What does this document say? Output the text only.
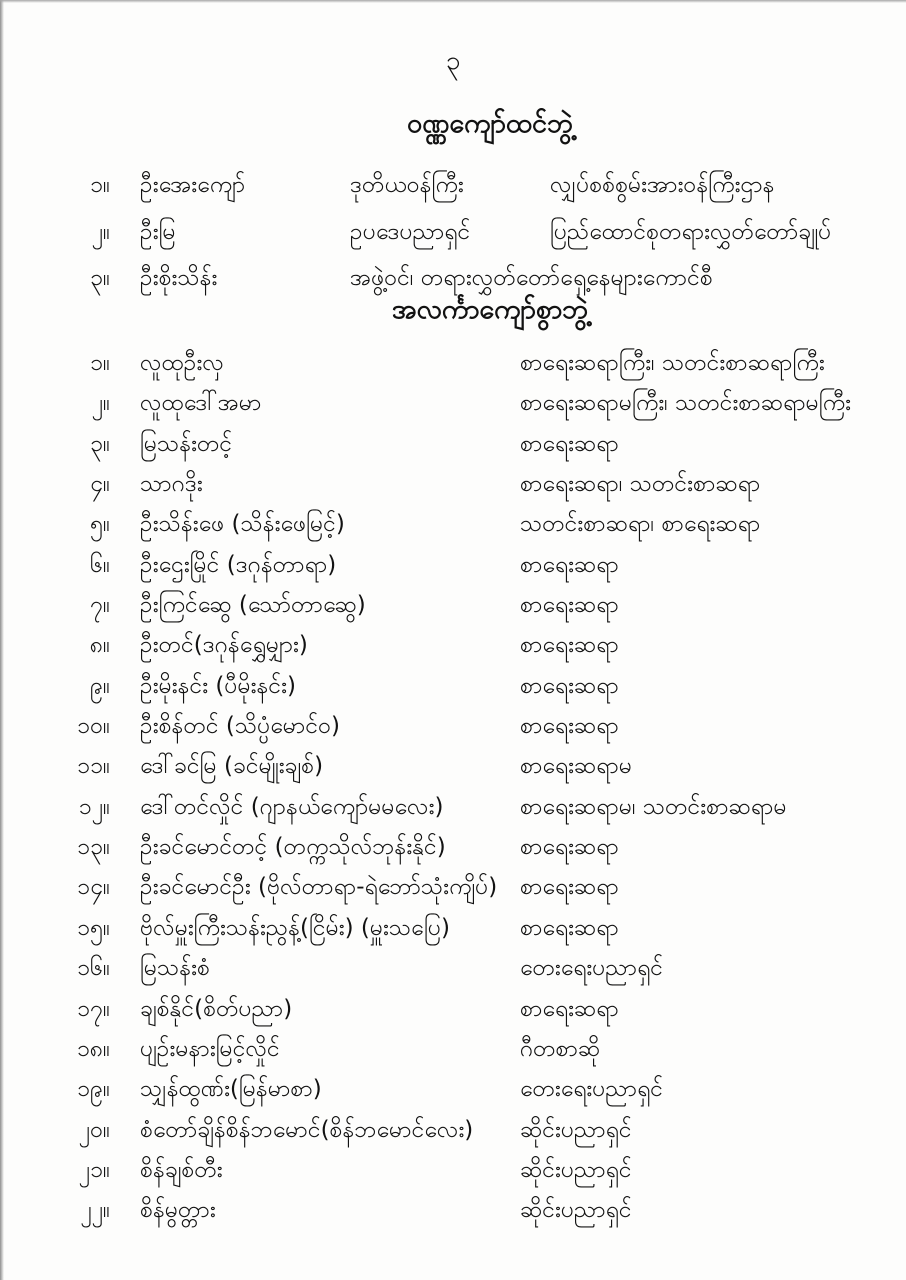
၃
ဝဏ္ဏကျော်ထင်ဘွဲ့
၁။	ဦးအေးကျော်	ဒုတိယဝန်ကြီး	လျှပ်စစ်စွမ်းအားဝန်ကြီးဌာန
၂။	ဦးမြ	ဥပဒေပညာရှင်	ပြည်ထောင်စုတရားလွှတ်တော်ချုပ်
၃။	ဦးစိုးသိန်း	အဖွဲ့ဝင်၊ တရားလွှတ်တော်ရှေ့နေများကောင်စီ
အလင်္ကာကျော်စွာဘွဲ့
၁။	လူထုဦးလှ	စာရေးဆရာကြီး၊ သတင်းစာဆရာကြီး
၂။	လူထုဒေါ်အမာ	စာရေးဆရာမကြီး၊ သတင်းစာဆရာမကြီး
၃။	မြသန်းတင့်	စာရေးဆရာ
၄။	သာဂဒိုး	စာရေးဆရာ၊ သတင်းစာဆရာ
၅။	ဦးသိန်းဖေ (သိန်းဖေမြင့်)	သတင်းစာဆရာ၊ စာရေးဆရာ
၆။	ဦးဌေးမြိုင် (ဒဂုန်တာရာ)	စာရေးဆရာ
၇။	ဦးကြင်ဆွေ (သော်တာဆွေ)	စာရေးဆရာ
၈။	ဦးတင်(ဒဂုန်ရွှေမျှား)	စာရေးဆရာ
၉။	ဦးမိုးနင်း (ပီမိုးနင်း)	စာရေးဆရာ
၁၀။	ဦးစိန်တင် (သိပ္ပံမောင်ဝ)	စာရေးဆရာ
၁၁။	ဒေါ်ခင်မြ (ခင်မျိုးချစ်)	စာရေးဆရာမ
၁၂။	ဒေါ်တင်လှိုင် (ဂျာနယ်ကျော်မမလေး)	စာရေးဆရာမ၊ သတင်းစာဆရာမ
၁၃။	ဦးခင်မောင်တင့် (တက္ကသိုလ်ဘုန်းနိုင်)	စာရေးဆရာ
၁၄။	ဦးခင်မောင်ဦး (ဗိုလ်တာရာ-ရဲဘော်သုံးကျိပ်) စာရေးဆရာ
၁၅။	ဗိုလ်မှူးကြီးသန်းညွန့်(ငြိမ်း) (မှူးသပြေ)	စာရေးဆရာ
၁၆။	မြသန်းစံ	တေးရေးပညာရှင်
၁၇။	ချစ်နိုင်(စိတ်ပညာ)	စာရေးဆရာ
၁၈။	ပျဉ်းမနားမြင့်လှိုင်	ဂီတစာဆို
၁၉။	သျှန်ထွဏ်း(မြန်မာစာ)	တေးရေးပညာရှင်
၂၀။	စံတော်ချိန်စိန်ဘမောင်(စိန်ဘမောင်လေး)	ဆိုင်းပညာရှင်
၂၁။	စိန်ချစ်တီး	ဆိုင်းပညာရှင်
၂၂။	စိန်မွတ္တား	ဆိုင်းပညာရှင်
